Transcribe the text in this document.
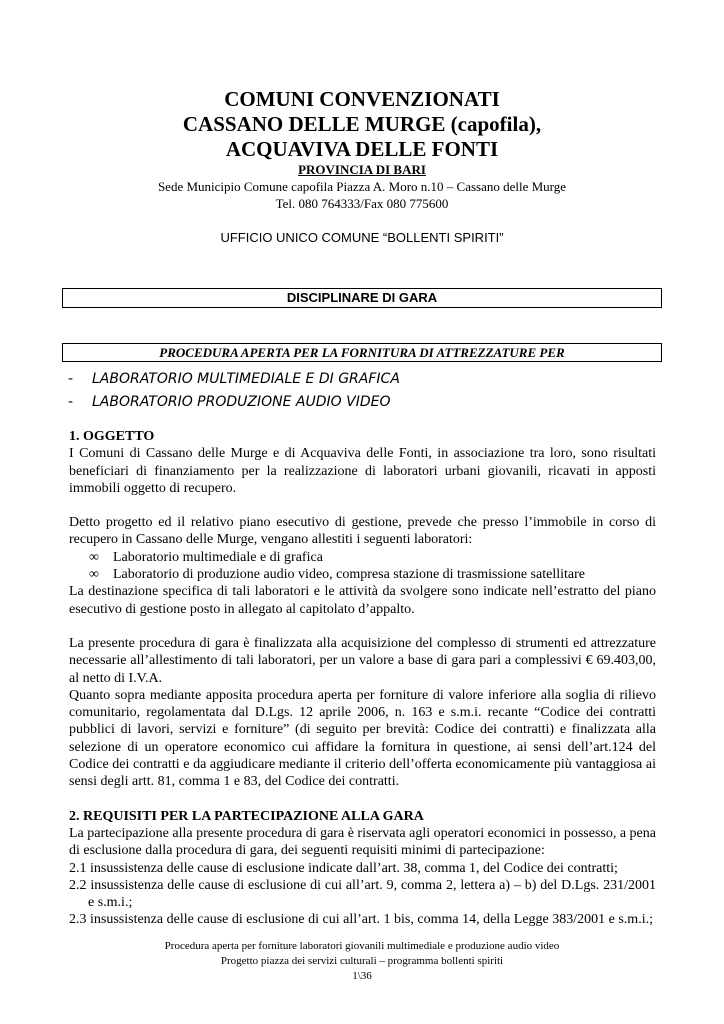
COMUNI CONVENZIONATI
CASSANO DELLE MURGE (capofila),
ACQUAVIVA DELLE FONTI
PROVINCIA DI BARI
Sede Municipio Comune capofila Piazza A. Moro n.10 – Cassano delle Murge
Tel. 080 764333/Fax 080 775600
UFFICIO UNICO COMUNE “BOLLENTI SPIRITI”
DISCIPLINARE DI GARA
PROCEDURA APERTA PER LA FORNITURA DI ATTREZZATURE PER
- LABORATORIO MULTIMEDIALE E DI GRAFICA
- LABORATORIO PRODUZIONE AUDIO VIDEO

1. OGGETTO

I Comuni di Cassano delle Murge e di Acquaviva delle Fonti, in associazione tra loro, sono risultati beneficiari di finanziamento per la realizzazione di laboratori urbani giovanili, ricavati in apposti immobili oggetto di recupero.

Detto progetto ed il relativo piano esecutivo di gestione, prevede che presso l’immobile in corso di recupero in Cassano delle Murge, vengano allestiti i seguenti laboratori:

∞ Laboratorio multimediale e di grafica
∞ Laboratorio di produzione audio video, compresa stazione di trasmissione satellitare

La destinazione specifica di tali laboratori e le attività da svolgere sono indicate nell’estratto del piano esecutivo di gestione posto in allegato al capitolato d’appalto.

La presente procedura di gara è finalizzata alla acquisizione del complesso di strumenti ed attrezzature necessarie all’allestimento di tali laboratori, per un valore a base di gara pari a complessivi € 69.403,00, al netto di I.V.A.

Quanto sopra mediante apposita procedura aperta per forniture di valore inferiore alla soglia di rilievo comunitario, regolamentata dal D.Lgs. 12 aprile 2006, n. 163 e s.m.i. recante “Codice dei contratti pubblici di lavori, servizi e forniture” (di seguito per brevità: Codice dei contratti) e finalizzata alla selezione di un operatore economico cui affidare la fornitura in questione, ai sensi dell’art.124 del Codice dei contratti e da aggiudicare mediante il criterio dell’offerta economicamente più vantaggiosa ai sensi degli artt. 81, comma 1 e 83, del Codice dei contratti.

2. REQUISITI PER LA PARTECIPAZIONE ALLA GARA

La partecipazione alla presente procedura di gara è riservata agli operatori economici in possesso, a pena di esclusione dalla procedura di gara, dei seguenti requisiti minimi di partecipazione:

2.1 insussistenza delle cause di esclusione indicate dall’art. 38, comma 1, del Codice dei contratti;

2.2 insussistenza delle cause di esclusione di cui all’art. 9, comma 2, lettera a) – b) del D.Lgs. 231/2001 e s.m.i.;

2.3 insussistenza delle cause di esclusione di cui all’art. 1 bis, comma 14, della Legge 383/2001 e s.m.i.;

Procedura aperta per forniture laboratori giovanili multimediale e produzione audio video
Progetto piazza dei servizi culturali – programma bollenti spiriti
1\36
